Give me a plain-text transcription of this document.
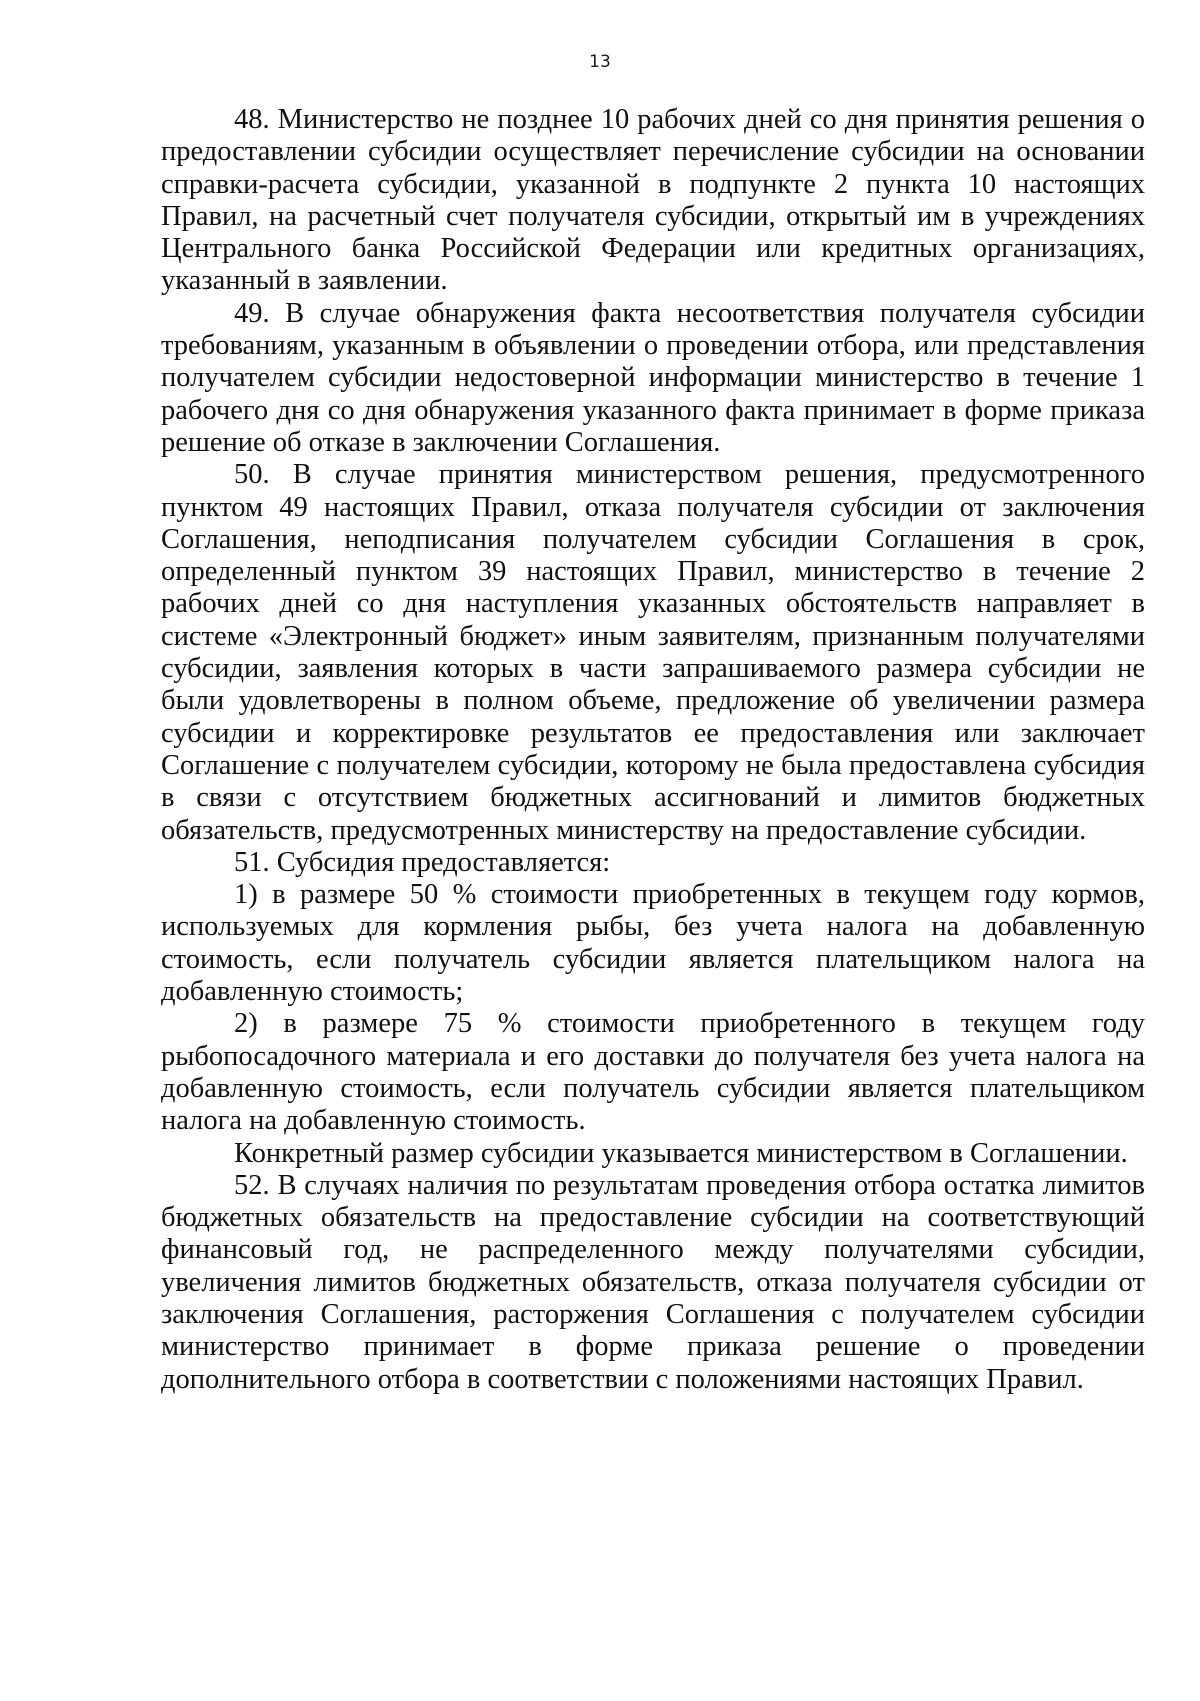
13

48. Министерство не позднее 10 рабочих дней со дня принятия решения о предоставлении субсидии осуществляет перечисление субсидии на основании справки-расчета субсидии, указанной в подпункте 2 пункта 10 настоящих Правил, на расчетный счет получателя субсидии, открытый им в учреждениях Центрального банка Российской Федерации или кредитных организациях, указанный в заявлении.

49. В случае обнаружения факта несоответствия получателя субсидии требованиям, указанным в объявлении о проведении отбора, или представления получателем субсидии недостоверной информации министерство в течение 1 рабочего дня со дня обнаружения указанного факта принимает в форме приказа решение об отказе в заключении Соглашения.

50. В случае принятия министерством решения, предусмотренного пунктом 49 настоящих Правил, отказа получателя субсидии от заключения Соглашения, неподписания получателем субсидии Соглашения в срок, определенный пунктом 39 настоящих Правил, министерство в течение 2 рабочих дней со дня наступления указанных обстоятельств направляет в системе «Электронный бюджет» иным заявителям, признанным получателями субсидии, заявления которых в части запрашиваемого размера субсидии не были удовлетворены в полном объеме, предложение об увеличении размера субсидии и корректировке результатов ее предоставления или заключает Соглашение с получателем субсидии, которому не была предоставлена субсидия в связи с отсутствием бюджетных ассигнований и лимитов бюджетных обязательств, предусмотренных министерству на предоставление субсидии.

51. Субсидия предоставляется:

1) в размере 50 % стоимости приобретенных в текущем году кормов, используемых для кормления рыбы, без учета налога на добавленную стоимость, если получатель субсидии является плательщиком налога на добавленную стоимость;

2) в размере 75 % стоимости приобретенного в текущем году рыбопосадочного материала и его доставки до получателя без учета налога на добавленную стоимость, если получатель субсидии является плательщиком налога на добавленную стоимость.

Конкретный размер субсидии указывается министерством в Соглашении.

52. В случаях наличия по результатам проведения отбора остатка лимитов бюджетных обязательств на предоставление субсидии на соответствующий финансовый год, не распределенного между получателями субсидии, увеличения лимитов бюджетных обязательств, отказа получателя субсидии от заключения Соглашения, расторжения Соглашения с получателем субсидии министерство принимает в форме приказа решение о проведении дополнительного отбора в соответствии с положениями настоящих Правил.
